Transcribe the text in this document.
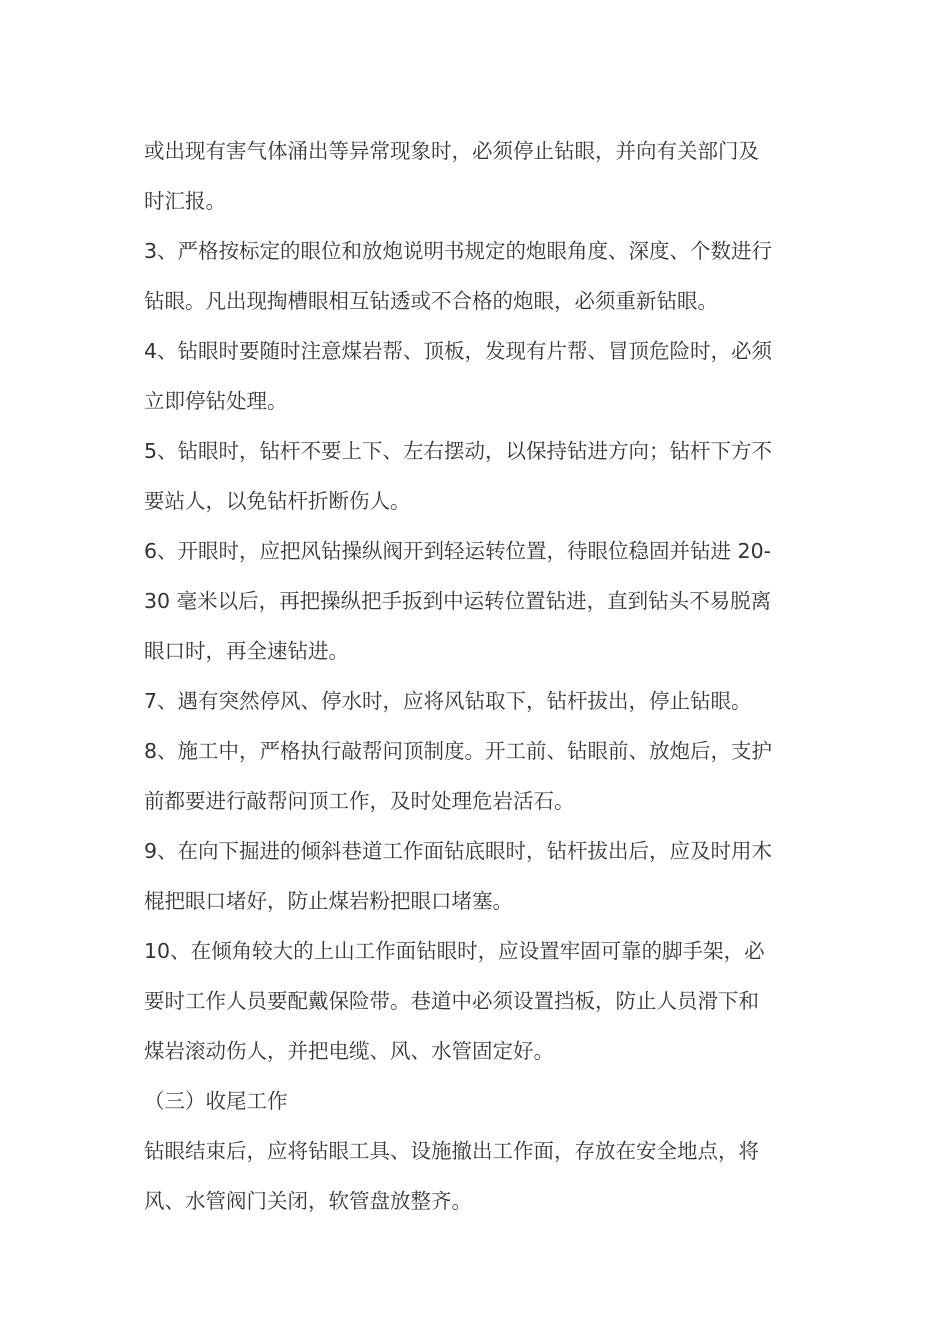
或出现有害气体涌出等异常现象时，必须停止钻眼，并向有关部门及
时汇报。
3、严格按标定的眼位和放炮说明书规定的炮眼角度、深度、个数进行
钻眼。凡出现掏槽眼相互钻透或不合格的炮眼，必须重新钻眼。
4、钻眼时要随时注意煤岩帮、顶板，发现有片帮、冒顶危险时，必须
立即停钻处理。
5、钻眼时，钻杆不要上下、左右摆动，以保持钻进方向；钻杆下方不
要站人，以免钻杆折断伤人。
6、开眼时，应把风钻操纵阀开到轻运转位置，待眼位稳固并钻进 20-
30 毫米以后，再把操纵把手扳到中运转位置钻进，直到钻头不易脱离
眼口时，再全速钻进。
7、遇有突然停风、停水时，应将风钻取下，钻杆拔出，停止钻眼。
8、施工中，严格执行敲帮问顶制度。开工前、钻眼前、放炮后，支护
前都要进行敲帮问顶工作，及时处理危岩活石。
9、在向下掘进的倾斜巷道工作面钻底眼时，钻杆拔出后，应及时用木
棍把眼口堵好，防止煤岩粉把眼口堵塞。
10、在倾角较大的上山工作面钻眼时，应设置牢固可靠的脚手架，必
要时工作人员要配戴保险带。巷道中必须设置挡板，防止人员滑下和
煤岩滚动伤人，并把电缆、风、水管固定好。
（三）收尾工作
钻眼结束后，应将钻眼工具、设施撤出工作面，存放在安全地点，将
风、水管阀门关闭，软管盘放整齐。
